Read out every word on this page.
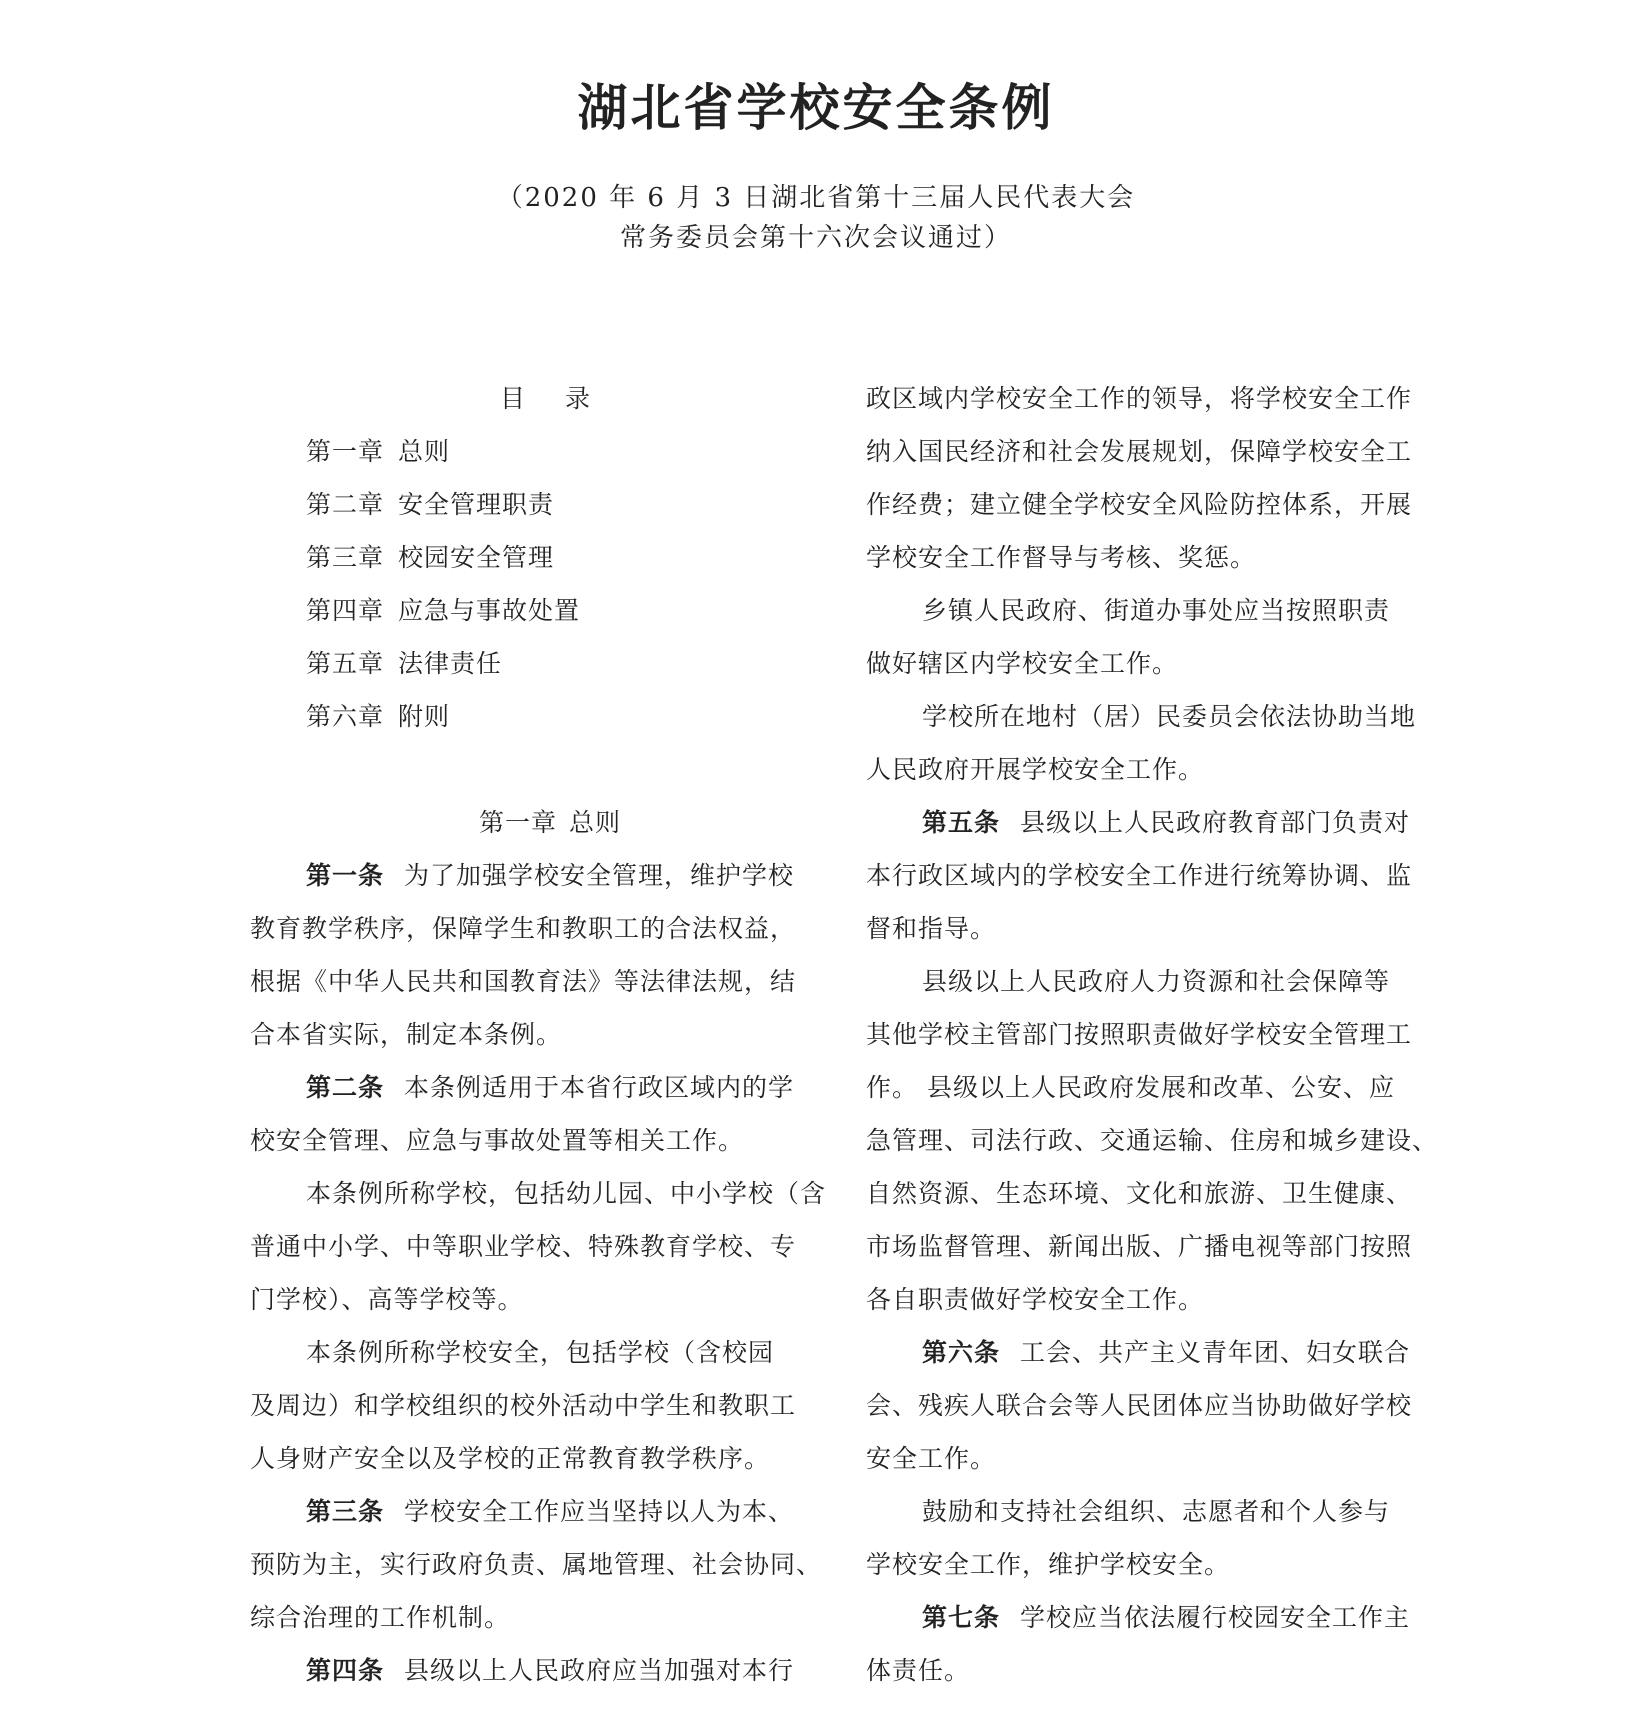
湖北省学校安全条例
（2020 年 6 月 3 日湖北省第十三届人民代表大会
常务委员会第十六次会议通过）
目 录
第一章 总则
第二章 安全管理职责
第三章 校园安全管理
第四章 应急与事故处置
第五章 法律责任
第六章 附则
第一章 总则
第一条 为了加强学校安全管理，维护学校
教育教学秩序，保障学生和教职工的合法权益，
根据《中华人民共和国教育法》等法律法规，结
合本省实际，制定本条例。
第二条 本条例适用于本省行政区域内的学
校安全管理、应急与事故处置等相关工作。
本条例所称学校，包括幼儿园、中小学校（含
普通中小学、中等职业学校、特殊教育学校、专
门学校）、高等学校等。
本条例所称学校安全，包括学校（含校园
及周边）和学校组织的校外活动中学生和教职工
人身财产安全以及学校的正常教育教学秩序。
第三条 学校安全工作应当坚持以人为本、
预防为主，实行政府负责、属地管理、社会协同、
综合治理的工作机制。
第四条 县级以上人民政府应当加强对本行
政区域内学校安全工作的领导，将学校安全工作
纳入国民经济和社会发展规划，保障学校安全工
作经费；建立健全学校安全风险防控体系，开展
学校安全工作督导与考核、奖惩。
乡镇人民政府、街道办事处应当按照职责
做好辖区内学校安全工作。
学校所在地村（居）民委员会依法协助当地
人民政府开展学校安全工作。
第五条 县级以上人民政府教育部门负责对
本行政区域内的学校安全工作进行统筹协调、监
督和指导。
县级以上人民政府人力资源和社会保障等
其他学校主管部门按照职责做好学校安全管理工
作。 县级以上人民政府发展和改革、公安、应
急管理、司法行政、交通运输、住房和城乡建设、
自然资源、生态环境、文化和旅游、卫生健康、
市场监督管理、新闻出版、广播电视等部门按照
各自职责做好学校安全工作。
第六条 工会、共产主义青年团、妇女联合
会、残疾人联合会等人民团体应当协助做好学校
安全工作。
鼓励和支持社会组织、志愿者和个人参与
学校安全工作，维护学校安全。
第七条 学校应当依法履行校园安全工作主
体责任。
